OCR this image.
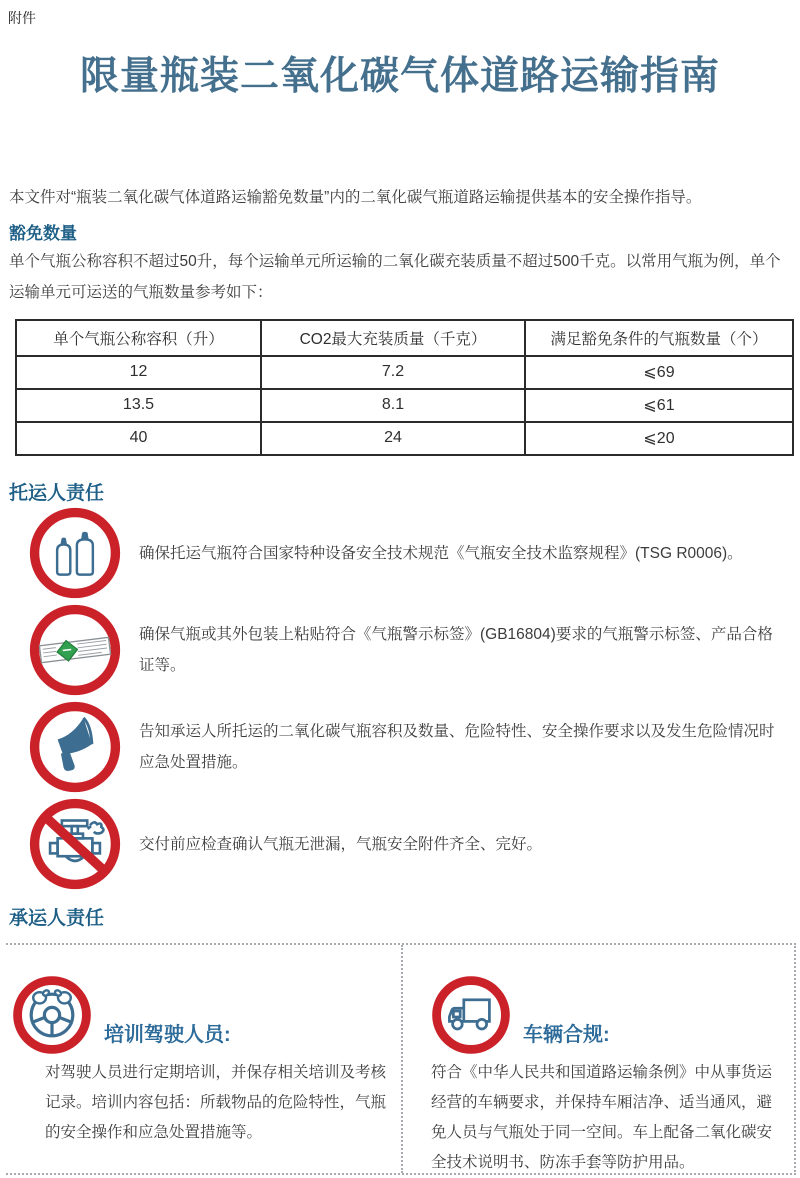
附件
限量瓶装二氧化碳气体道路运输指南

本文件对“瓶装二氧化碳气体道路运输豁免数量”内的二氧化碳气瓶道路运输提供基本的安全操作指导。

豁免数量

单个气瓶公称容积不超过50升，每个运输单元所运输的二氧化碳充装质量不超过500千克。以常用气瓶为例，单个运输单元可运送的气瓶数量参考如下：

单个气瓶公称容积（升）	CO2最大充装质量（千克）	满足豁免条件的气瓶数量（个）
12	7.2	⩽69
13.5	8.1	⩽61
40	24	⩽20
托运人责任
确保托运气瓶符合国家特种设备安全技术规范《气瓶安全技术监察规程》(TSG R0006)。
确保气瓶或其外包装上粘贴符合《气瓶警示标签》(GB16804)要求的气瓶警示标签、产品合格证等。
告知承运人所托运的二氧化碳气瓶容积及数量、危险特性、安全操作要求以及发生危险情况时应急处置措施。
交付前应检查确认气瓶无泄漏，气瓶安全附件齐全、完好。
承运人责任
培训驾驶人员:

对驾驶人员进行定期培训，并保存相关培训及考核记录。培训内容包括：所载物品的危险特性，气瓶的安全操作和应急处置措施等。

车辆合规:

符合《中华人民共和国道路运输条例》中从事货运经营的车辆要求，并保持车厢洁净、适当通风，避免人员与气瓶处于同一空间。车上配备二氧化碳安全技术说明书、防冻手套等防护用品。
